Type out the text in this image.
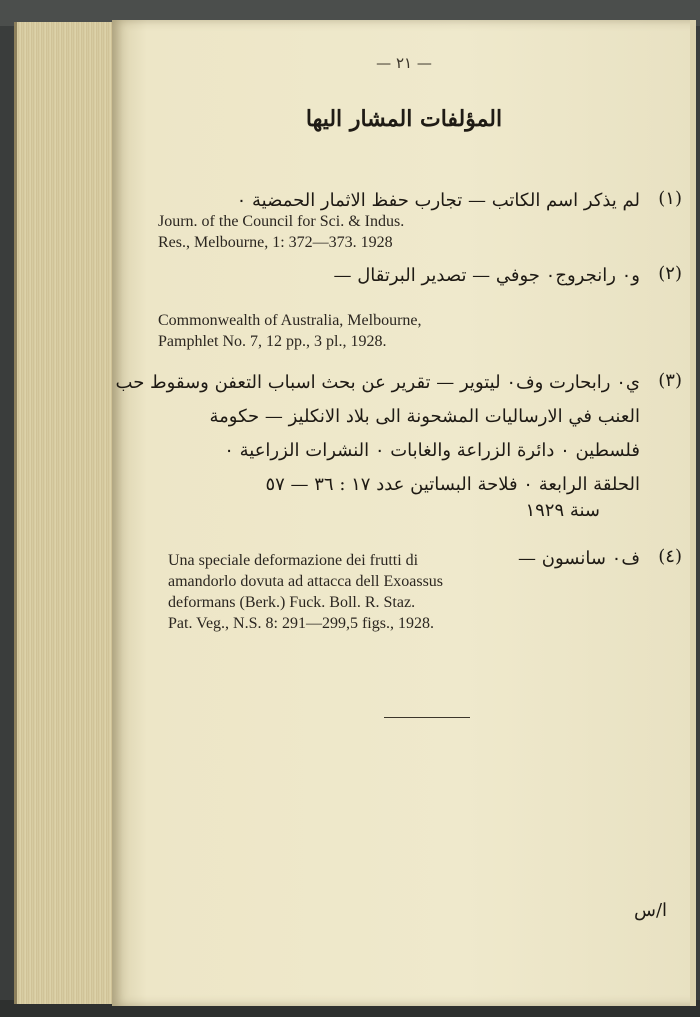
— ٢١ —
المؤلفات المشار اليها
(١)
لم يذكر اسم الكاتب — تجارب حفظ الاثمار الحمضية ٠
Journ. of the Council for Sci. & Indus.
Res., Melbourne, 1: 372—373. 1928
(٢)
و٠ رانجروج٠ جوفي — تصدير البرتقال —
Commonwealth of Australia, Melbourne,
Pamphlet No. 7, 12 pp., 3 pl., 1928.
(٣)
ي٠ رابحارت وف٠ ليتوير — تقرير عن بحث اسباب التعفن وسقوط حب
العنب في الارساليات المشحونة الى بلاد الانكليز — حكومة
فلسطين ٠ دائرة الزراعة والغابات ٠ النشرات الزراعية ٠
الحلقة الرابعة ٠ فلاحة البساتين عدد ١٧ : ٣٦ — ٥٧
سنة ١٩٢٩
(٤)
ف٠ سانسون —
Una speciale deformazione dei frutti di
amandorlo dovuta ad attacca dell Exoassus
deformans (Berk.) Fuck. Boll. R. Staz.
Pat. Veg., N.S. 8: 291—299,5 figs., 1928.
ا/س
